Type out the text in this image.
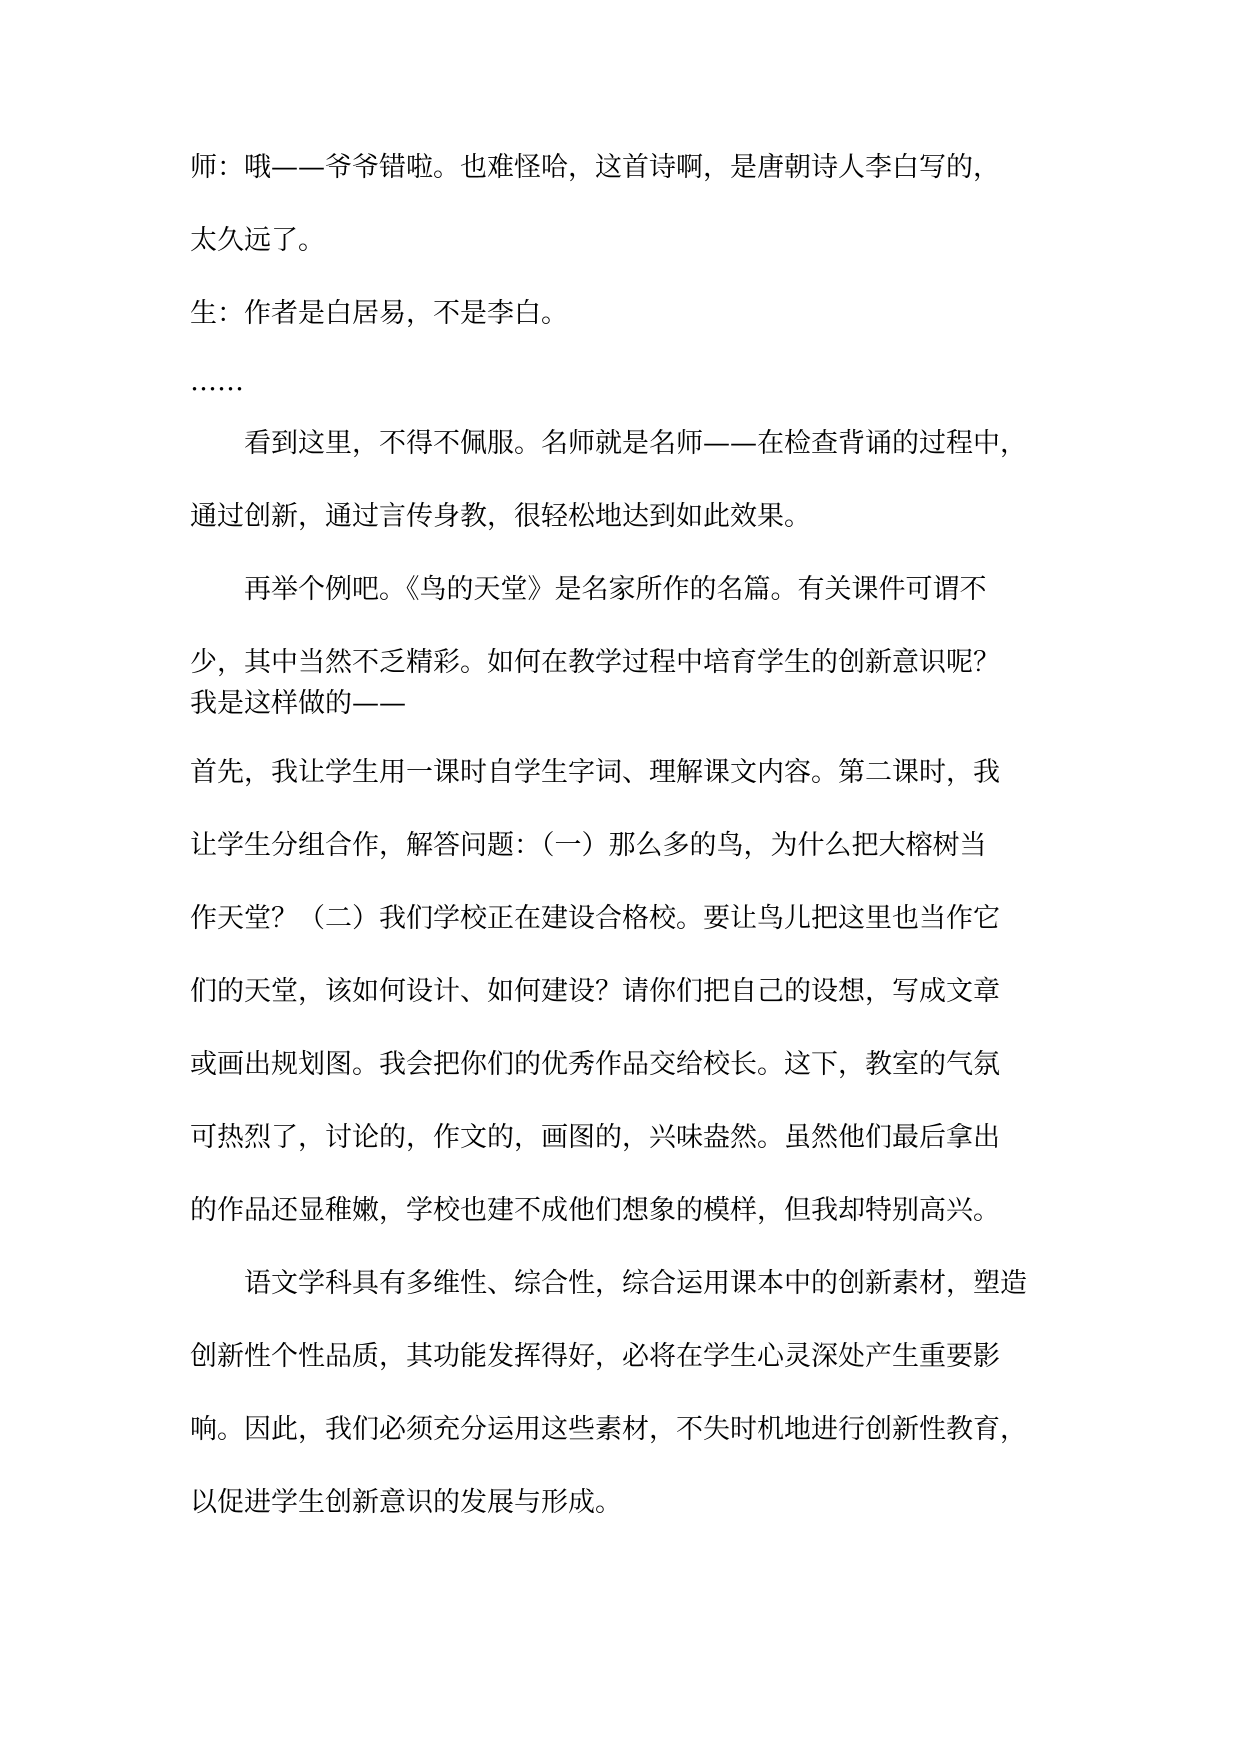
师：哦——爷爷错啦。也难怪哈，这首诗啊，是唐朝诗人李白写的，

太久远了。

生：作者是白居易，不是李白。

……

看到这里，不得不佩服。名师就是名师——在检查背诵的过程中，

通过创新，通过言传身教，很轻松地达到如此效果。

再举个例吧。《鸟的天堂》是名家所作的名篇。有关课件可谓不

少，其中当然不乏精彩。如何在教学过程中培育学生的创新意识呢？

我是这样做的——

首先，我让学生用一课时自学生字词、理解课文内容。第二课时，我

让学生分组合作，解答问题：（一）那么多的鸟，为什么把大榕树当

作天堂？（二）我们学校正在建设合格校。要让鸟儿把这里也当作它

们的天堂，该如何设计、如何建设？请你们把自己的设想，写成文章

或画出规划图。我会把你们的优秀作品交给校长。这下，教室的气氛

可热烈了，讨论的，作文的，画图的，兴味盎然。虽然他们最后拿出

的作品还显稚嫩，学校也建不成他们想象的模样，但我却特别高兴。

语文学科具有多维性、综合性，综合运用课本中的创新素材，塑造

创新性个性品质，其功能发挥得好，必将在学生心灵深处产生重要影

响。因此，我们必须充分运用这些素材，不失时机地进行创新性教育，

以促进学生创新意识的发展与形成。
